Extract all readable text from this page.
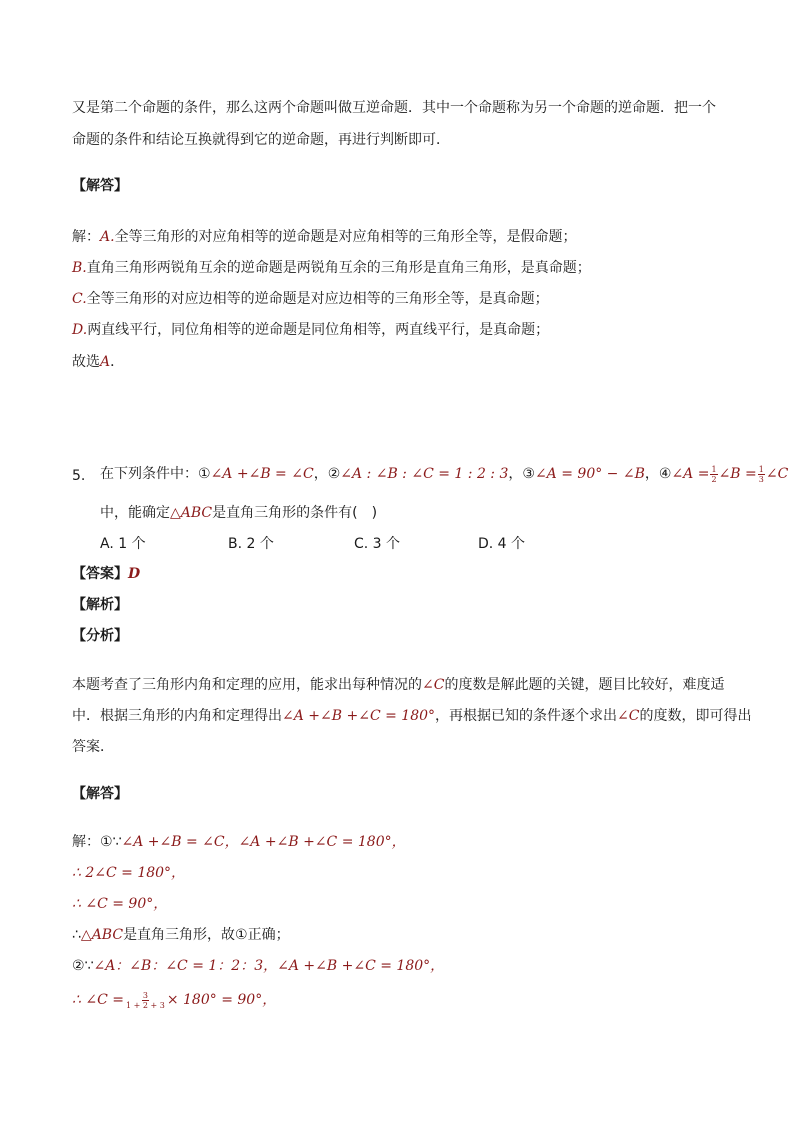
又是第二个命题的条件，那么这两个命题叫做互逆命题．其中一个命题称为另一个命题的逆命题．把一个
命题的条件和结论互换就得到它的逆命题，再进行判断即可．
【解答】
解：A.全等三角形的对应角相等的逆命题是对应角相等的三角形全等，是假命题；
B.直角三角形两锐角互余的逆命题是两锐角互余的三角形是直角三角形，是真命题；
C.全等三角形的对应边相等的逆命题是对应边相等的三角形全等，是真命题；
D.两直线平行，同位角相等的逆命题是同位角相等，两直线平行，是真命题；
故选A．
5. 在下列条件中：①∠A +∠B = ∠C，②∠A : ∠B : ∠C = 1 : 2 : 3，③∠A = 90° − ∠B，④∠A = $\frac{1}{2}$ ∠B = $\frac{1}{3}$ ∠C
中，能确定△ABC是直角三角形的条件有(　)
A. 1 个	B. 2 个	C. 3 个	D. 4 个
【答案】D
【解析】
【分析】
本题考查了三角形内角和定理的应用，能求出每种情况的∠C的度数是解此题的关键，题目比较好，难度适
中．根据三角形的内角和定理得出∠A +∠B +∠C = 180°，再根据已知的条件逐个求出∠C的度数，即可得出
答案．
【解答】
解：①∵∠A +∠B = ∠C，∠A +∠B +∠C = 180°，
∴ 2∠C = 180°，
∴ ∠C = 90°，
∴△ABC是直角三角形，故①正确；
②∵∠A：∠B：∠C = 1：2：3，∠A +∠B +∠C = 180°，
∴ ∠C = $\frac{3}{1 + 2 + 3} \times 180^\circ = 90^\circ$，
